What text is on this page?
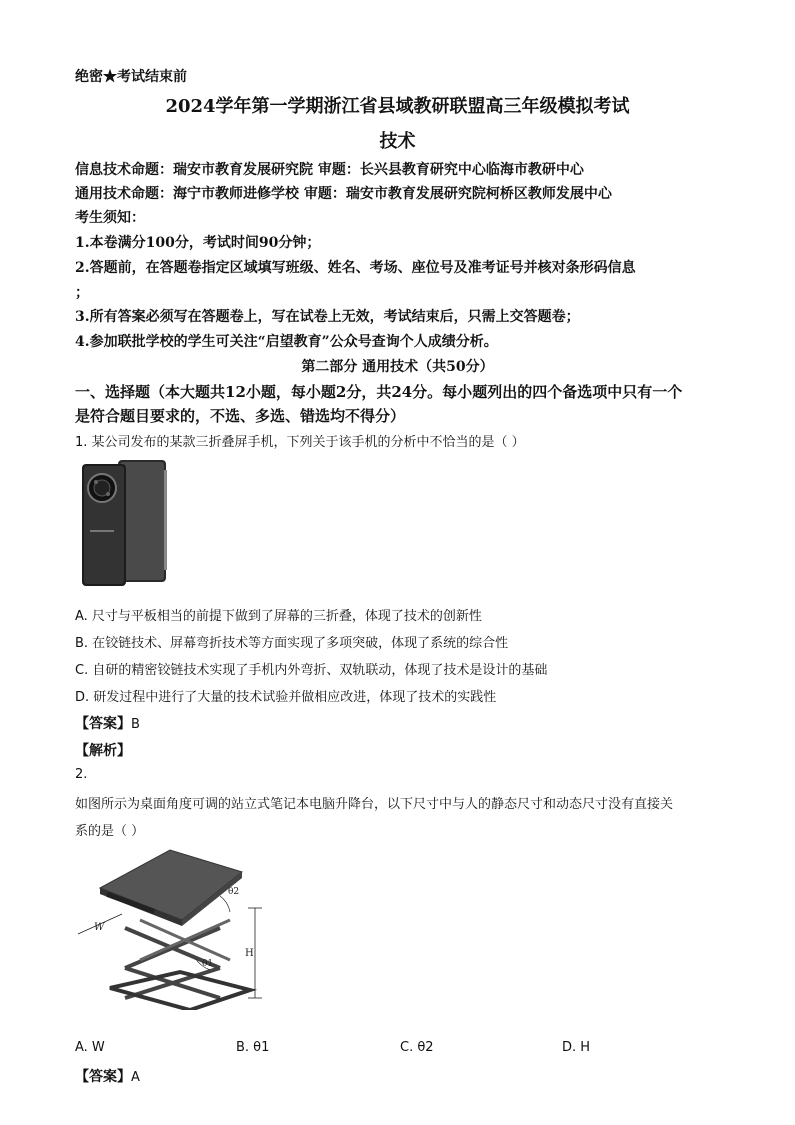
绝密★考试结束前
2024学年第一学期浙江省县域教研联盟高三年级模拟考试
技术
信息技术命题：瑞安市教育发展研究院 审题：长兴县教育研究中心临海市教研中心
通用技术命题：海宁市教师进修学校 审题：瑞安市教育发展研究院柯桥区教师发展中心
考生须知：
1.本卷满分100分，考试时间90分钟；
2.答题前，在答题卷指定区域填写班级、姓名、考场、座位号及准考证号并核对条形码信息
；
3.所有答案必须写在答题卷上，写在试卷上无效，考试结束后，只需上交答题卷；
4.参加联批学校的学生可关注“启望教育”公众号查询个人成绩分析。
第二部分 通用技术（共50分）
一、选择题（本大题共12小题，每小题2分，共24分。每小题列出的四个备选项中只有一个
是符合题目要求的，不选、多选、错选均不得分）
1. 某公司发布的某款三折叠屏手机，下列关于该手机的分析中不恰当的是（ ）
A. 尺寸与平板相当的前提下做到了屏幕的三折叠，体现了技术的创新性
B. 在铰链技术、屏幕弯折技术等方面实现了多项突破，体现了系统的综合性
C. 自研的精密铰链技术实现了手机内外弯折、双轨联动，体现了技术是设计的基础
D. 研发过程中进行了大量的技术试验并做相应改进，体现了技术的实践性
【答案】B
【解析】
2.
如图所示为桌面角度可调的站立式笔记本电脑升降台，以下尺寸中与人的静态尺寸和动态尺寸没有直接关
系的是（ ）
W
H
θ2
θ1
A. W	B. θ1	C. θ2	D. H
【答案】A
